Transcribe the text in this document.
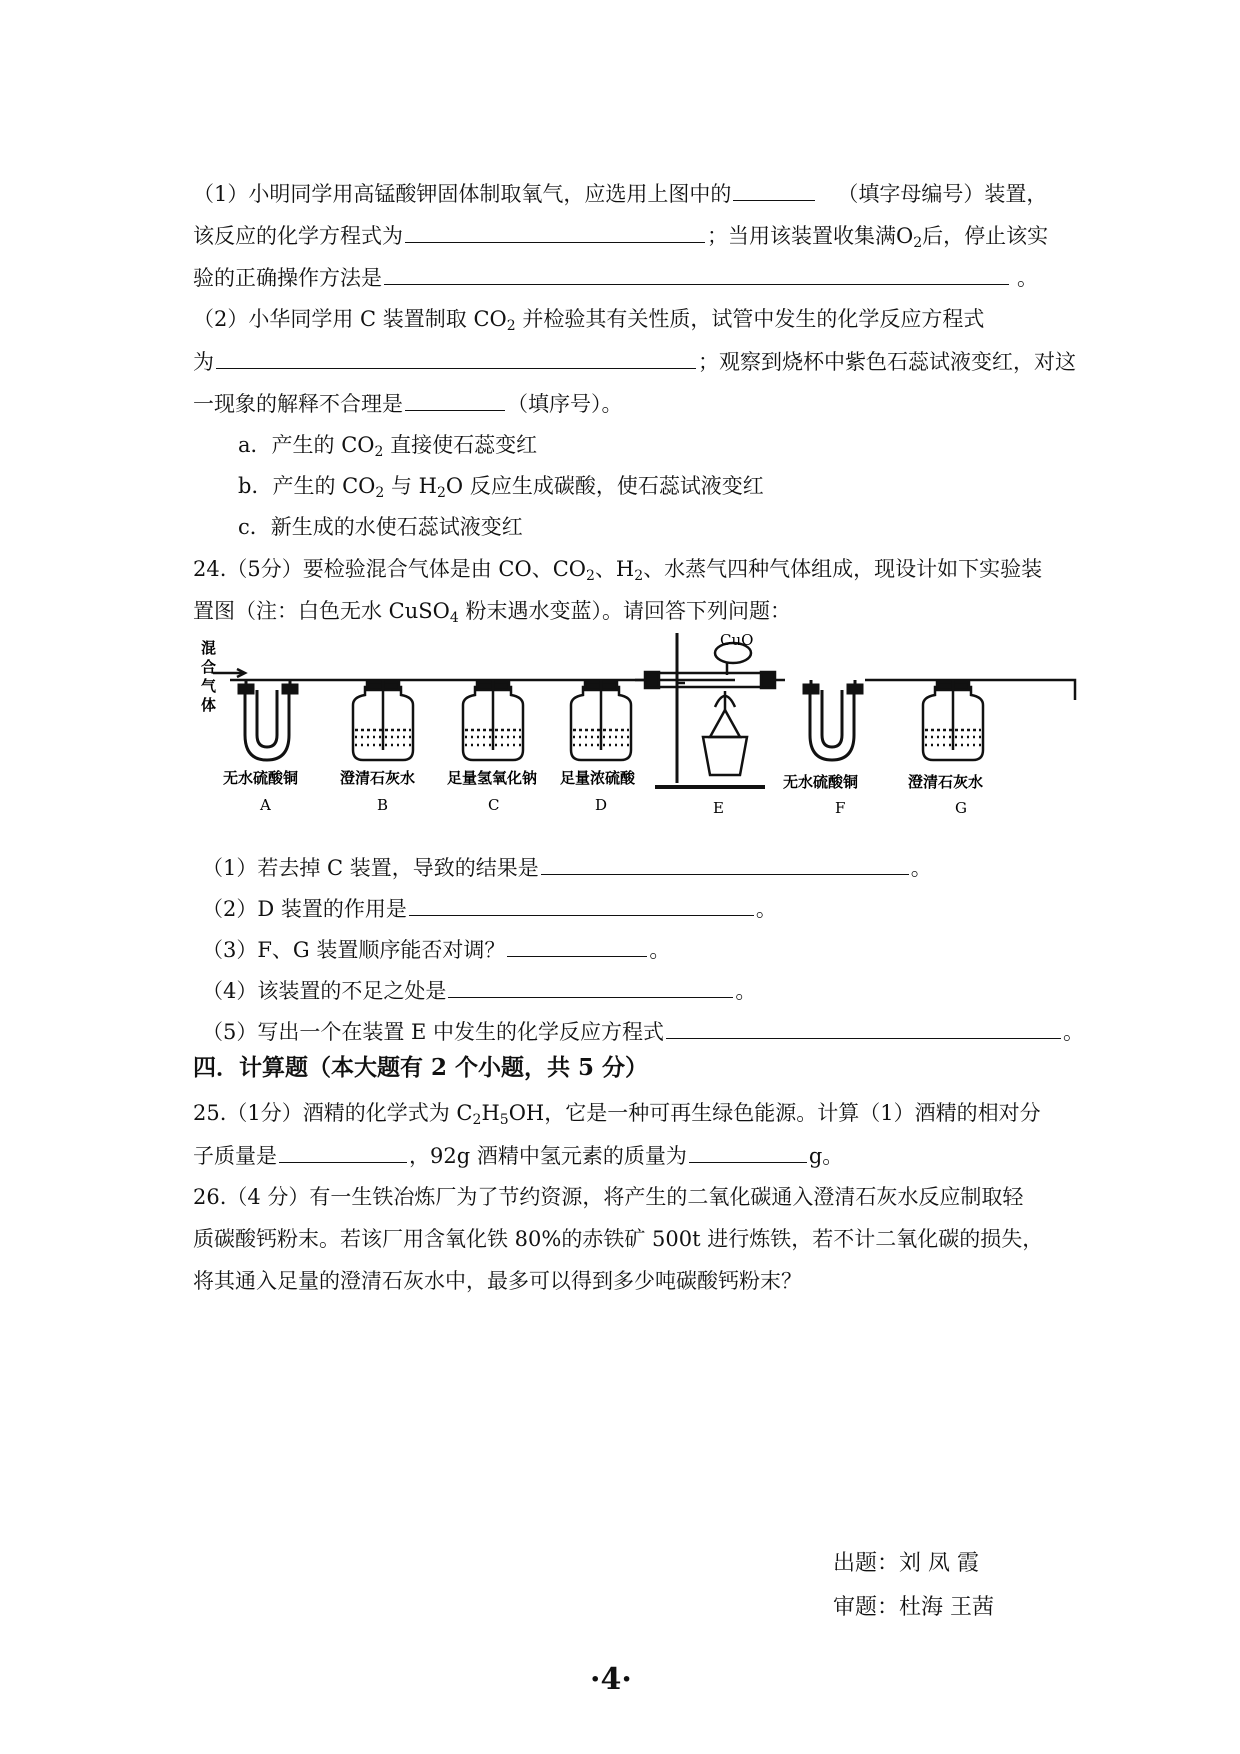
（1）小明同学用高锰酸钾固体制取氧气，应选用上图中的	（填字母编号）装置，
该反应的化学方程式为	；当用该装置收集满$O_2$后，停止该实
验的正确操作方法是	。
（2）小华同学用 C 装置制取 $CO_2$ 并检验其有关性质，试管中发生的化学反应方程式
为	；观察到烧杯中紫色石蕊试液变红，对这
一现象的解释不合理是	（填序号）。
a．产生的 $CO_2$ 直接使石蕊变红
b．产生的 $CO_2$ 与 $H_2O$ 反应生成碳酸，使石蕊试液变红
c．新生成的水使石蕊试液变红
24.（5分）要检验混合气体是由 CO、$CO_2$、$H_2$、水蒸气四种气体组成，现设计如下实验装
置图（注：白色无水 CuSO$_4$ 粉末遇水变蓝）。请回答下列问题：
混合气体
CuO
无水硫酸铜	澄清石灰水 足量氢氧化钠 足量浓硫酸	无水硫酸铜	澄清石灰水
A	B	C	D	E	F	G
（1）若去掉 C 装置，导致的结果是	。
（2）D 装置的作用是	。
（3）F、G 装置顺序能否对调？	。
（4）该装置的不足之处是	。
（5）写出一个在装置 E 中发生的化学反应方程式	。
四．计算题（本大题有 2 个小题，共 5 分）
25.（1分）酒精的化学式为 $C_2H_5OH$，它是一种可再生绿色能源。计算（1）酒精的相对分
子质量是	，92g 酒精中氢元素的质量为	g。
26.（4 分）有一生铁冶炼厂为了节约资源，将产生的二氧化碳通入澄清石灰水反应制取轻
质碳酸钙粉末。若该厂用含氧化铁 80%的赤铁矿 500t 进行炼铁，若不计二氧化碳的损失，
将其通入足量的澄清石灰水中，最多可以得到多少吨碳酸钙粉末？
出题：刘 凤 霞
审题：杜海 王茜
·4·
